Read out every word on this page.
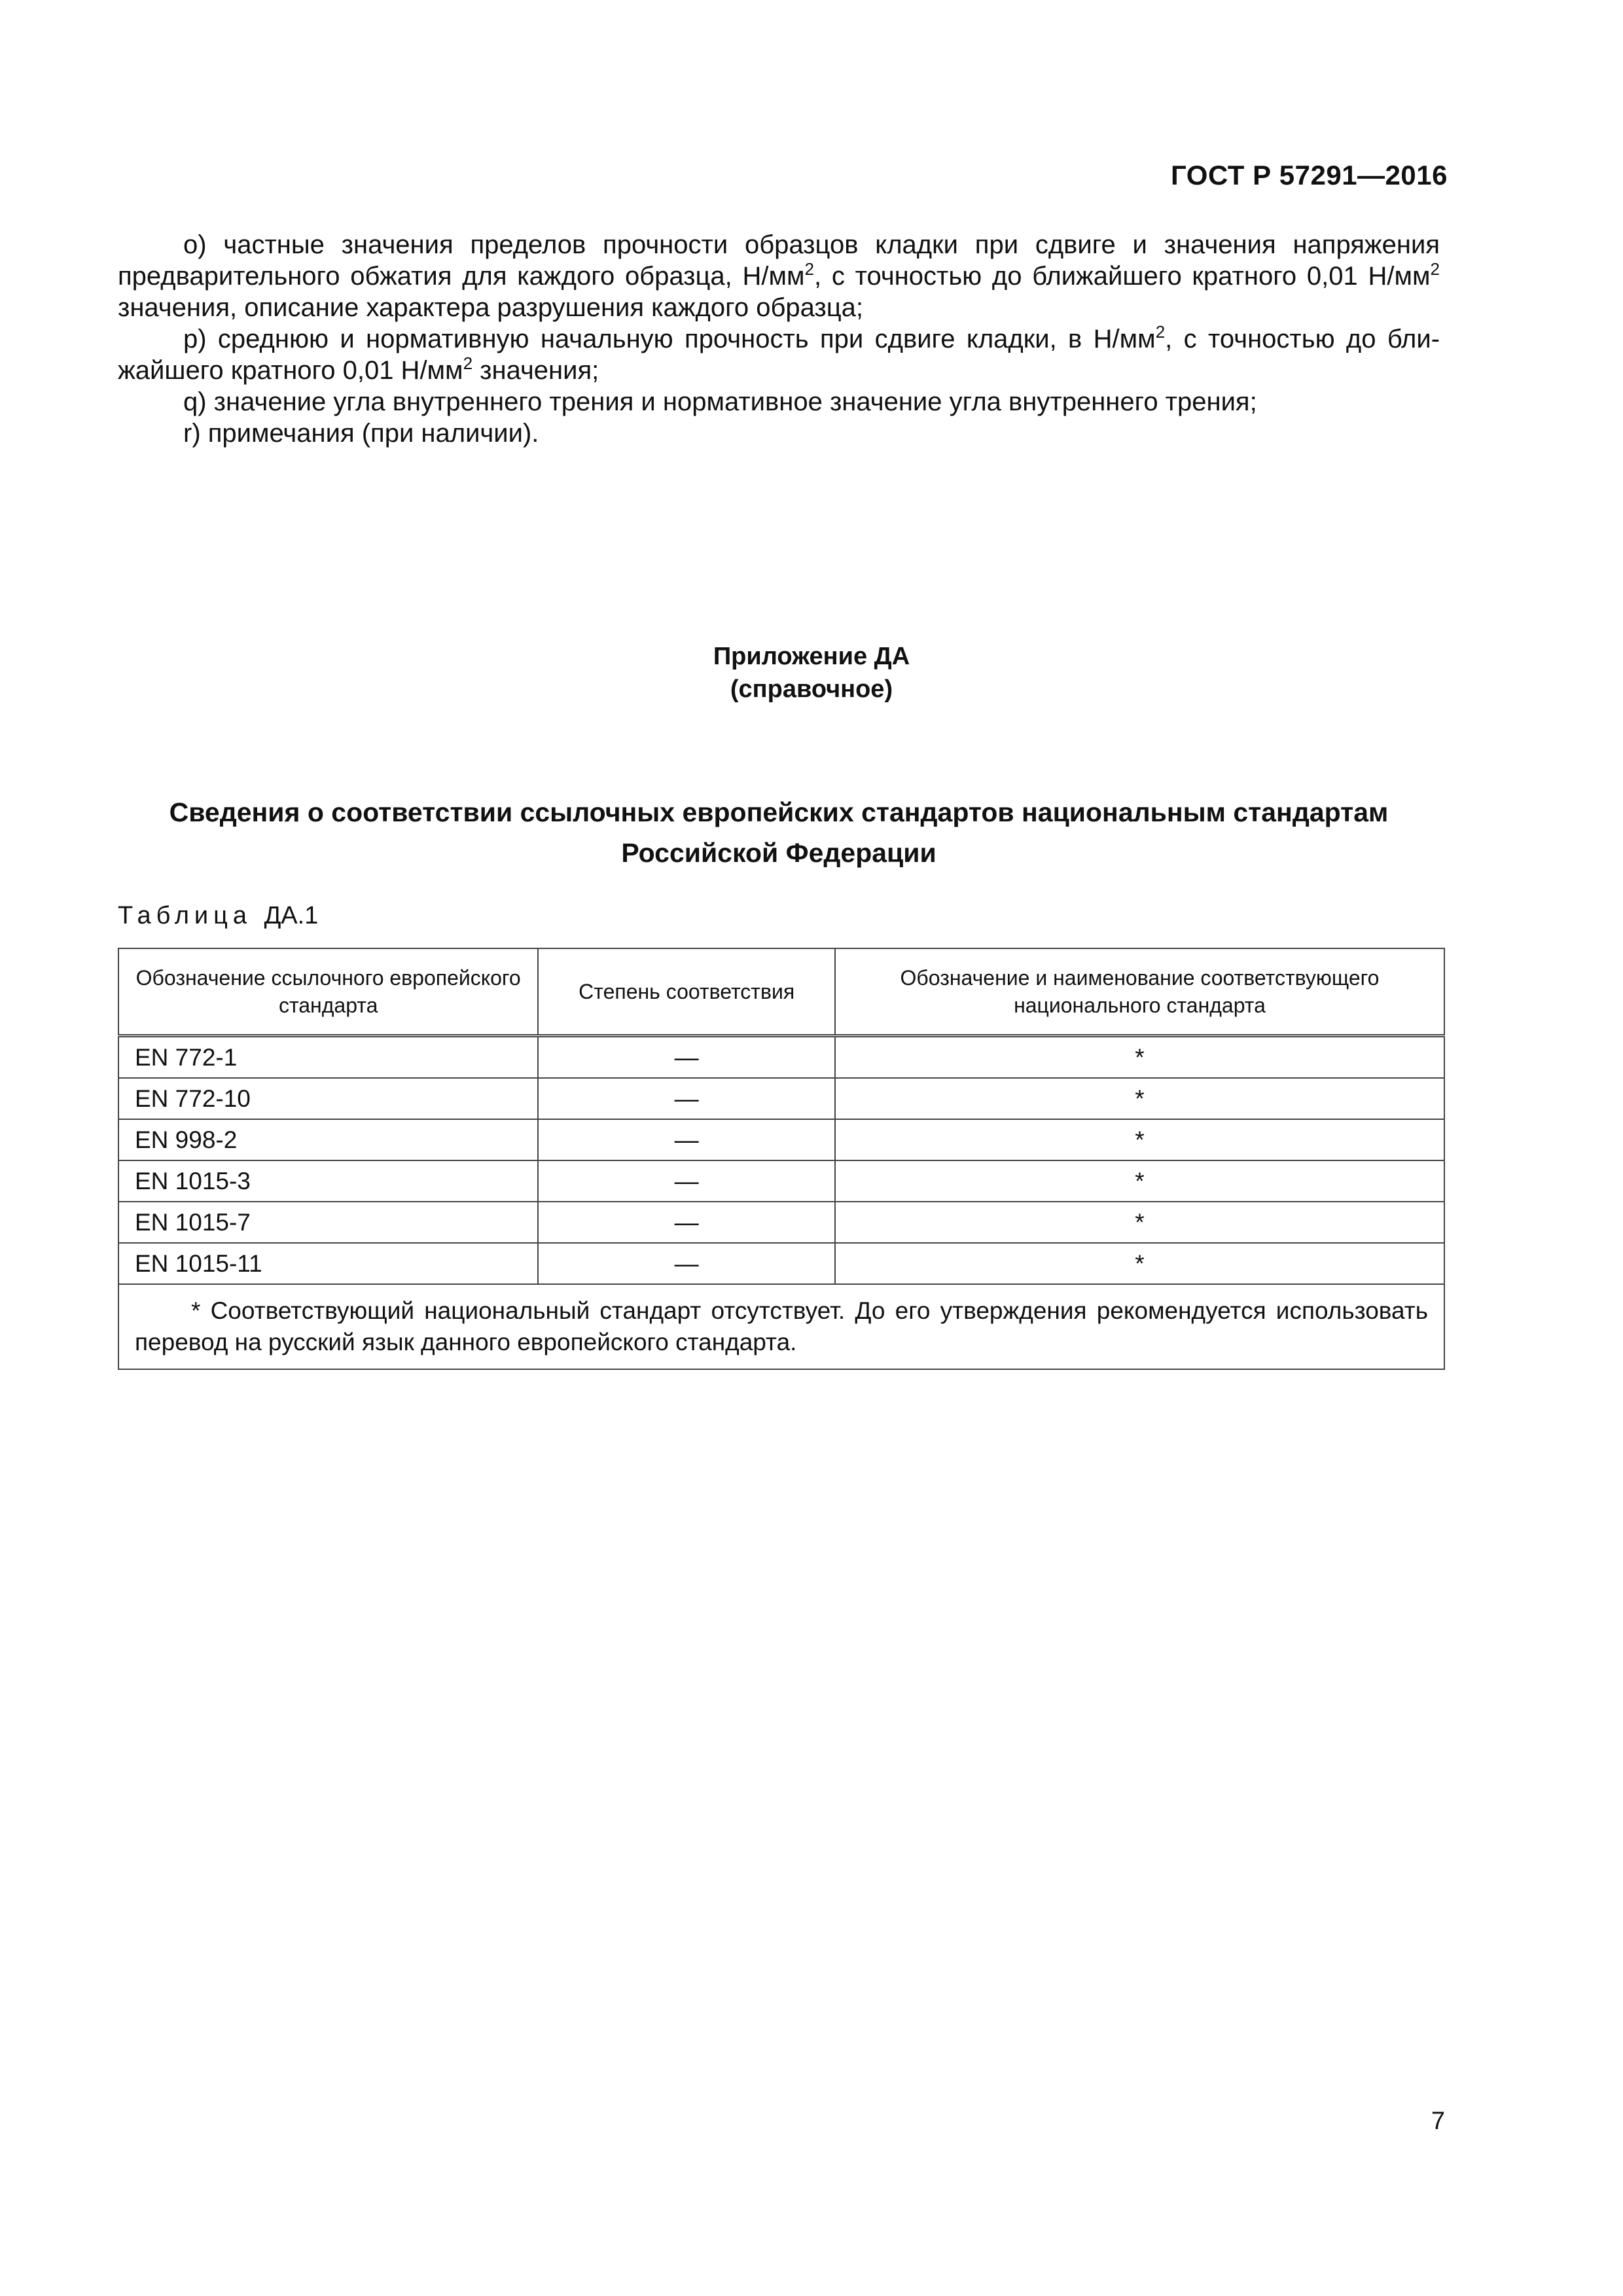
ГОСТ Р 57291—2016

о) частные значения пределов прочности образцов кладки при сдвиге и значения напряжения предварительного обжатия для каждого образца, $Н/мм^2$, с точностью до ближайшего кратного 0,01 $Н/мм^2$ значения, описание характера разрушения каждого образца;

р) среднюю и нормативную начальную прочность при сдвиге кладки, в $Н/мм^2$, с точностью до ближайшего кратного 0,01 $Н/мм^2$ значения;

q) значение угла внутреннего трения и нормативное значение угла внутреннего трения;

r) примечания (при наличии).

Приложение ДА
(справочное)
Сведения о соответствии ссылочных европейских стандартов национальным стандартам
Российской Федерации
Таблица ДА.1
Обозначение ссылочного европейского стандарта	Степень соответствия	Обозначение и наименование соответствующего национального стандарта
EN 772-1	—	*
EN 772-10	—	*
EN 998-2	—	*
EN 1015-3	—	*
EN 1015-7	—	*
EN 1015-11	—	*
* Соответствующий национальный стандарт отсутствует. До его утверждения рекомендуется использовать перевод на русский язык данного европейского стандарта.		
7
